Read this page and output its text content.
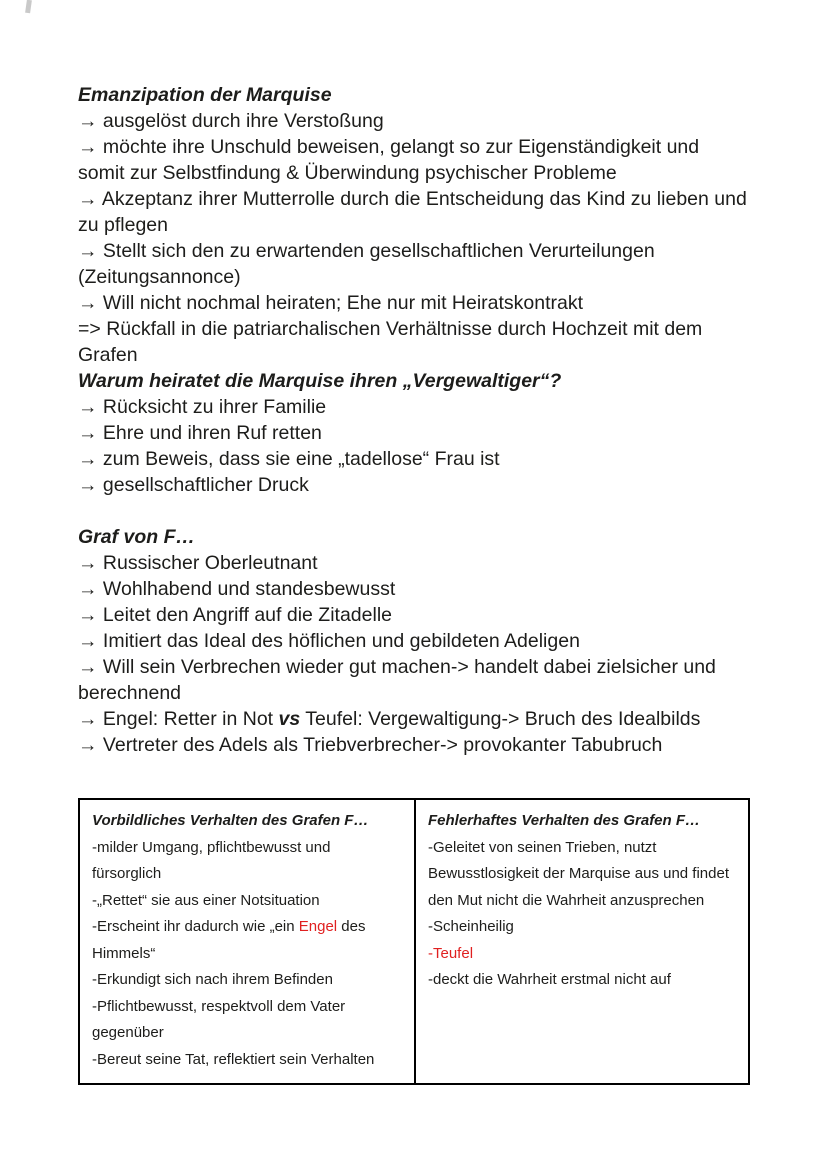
Emanzipation der Marquise
→ ausgelöst durch ihre Verstoßung
→ möchte ihre Unschuld beweisen, gelangt so zur Eigenständigkeit und somit zur Selbstfindung & Überwindung psychischer Probleme
→ Akzeptanz ihrer Mutterrolle durch die Entscheidung das Kind zu lieben und zu pflegen
→ Stellt sich den zu erwartenden gesellschaftlichen Verurteilungen (Zeitungsannonce)
→ Will nicht nochmal heiraten; Ehe nur mit Heiratskontrakt
=> Rückfall in die patriarchalischen Verhältnisse durch Hochzeit mit dem Grafen
Warum heiratet die Marquise ihren „Vergewaltiger“?
→ Rücksicht zu ihrer Familie
→ Ehre und ihren Ruf retten
→ zum Beweis, dass sie eine „tadellose“ Frau ist
→ gesellschaftlicher Druck
Graf von F…
→ Russischer Oberleutnant
→ Wohlhabend und standesbewusst
→ Leitet den Angriff auf die Zitadelle
→ Imitiert das Ideal des höflichen und gebildeten Adeligen
→ Will sein Verbrechen wieder gut machen-> handelt dabei zielsicher und berechnend
→ Engel: Retter in Not vs Teufel: Vergewaltigung-> Bruch des Idealbilds
→ Vertreter des Adels als Triebverbrecher-> provokanter Tabubruch
Vorbildliches Verhalten des Grafen F…
-milder Umgang, pflichtbewusst und fürsorglich
-„Rettet“ sie aus einer Notsituation
-Erscheint ihr dadurch wie „ein Engel des Himmels“
-Erkundigt sich nach ihrem Befinden
-Pflichtbewusst, respektvoll dem Vater gegenüber
-Bereut seine Tat, reflektiert sein Verhalten
Fehlerhaftes Verhalten des Grafen F…
-Geleitet von seinen Trieben, nutzt Bewusstlosigkeit der Marquise aus und findet den Mut nicht die Wahrheit anzusprechen
-Scheinheilig
-Teufel
-deckt die Wahrheit erstmal nicht auf
